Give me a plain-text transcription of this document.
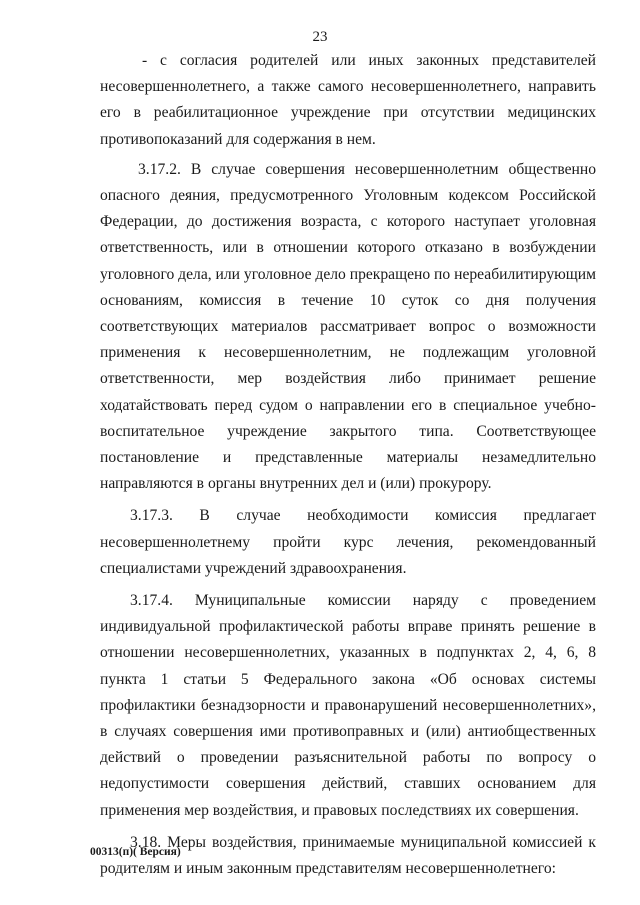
23

- с согласия родителей или иных законных представителей несовершеннолетнего, а также самого несовершеннолетнего, направить его в реабилитационное учреждение при отсутствии медицинских противопоказаний для содержания в нем.

3.17.2. В случае совершения несовершеннолетним общественно опасного деяния, предусмотренного Уголовным кодексом Российской Федерации, до достижения возраста, с которого наступает уголовная ответственность, или в отношении которого отказано в возбуждении уголовного дела, или уголовное дело прекращено по нереабилитирующим основаниям, комиссия в течение 10 суток со дня получения соответствующих материалов рассматривает вопрос о возможности применения к несовершеннолетним, не подлежащим уголовной ответственности, мер воздействия либо принимает решение ходатайствовать перед судом о направлении его в специальное учебно-воспитательное учреждение закрытого типа. Соответствующее постановление и представленные материалы незамедлительно направляются в органы внутренних дел и (или) прокурору.

3.17.3. В случае необходимости комиссия предлагает несовершеннолетнему пройти курс лечения, рекомендованный специалистами учреждений здравоохранения.

3.17.4. Муниципальные комиссии наряду с проведением индивидуальной профилактической работы вправе принять решение в отношении несовершеннолетних, указанных в подпунктах 2, 4, 6, 8 пункта 1 статьи 5 Федерального закона «Об основах системы профилактики безнадзорности и правонарушений несовершеннолетних», в случаях совершения ими противоправных и (или) антиобщественных действий о проведении разъяснительной работы по вопросу о недопустимости совершения действий, ставших основанием для применения мер воздействия, и правовых последствиях их совершения.

3.18. Меры воздействия, принимаемые муниципальной комиссией к родителям и иным законным представителям несовершеннолетнего:

00313(п)( Версия)
